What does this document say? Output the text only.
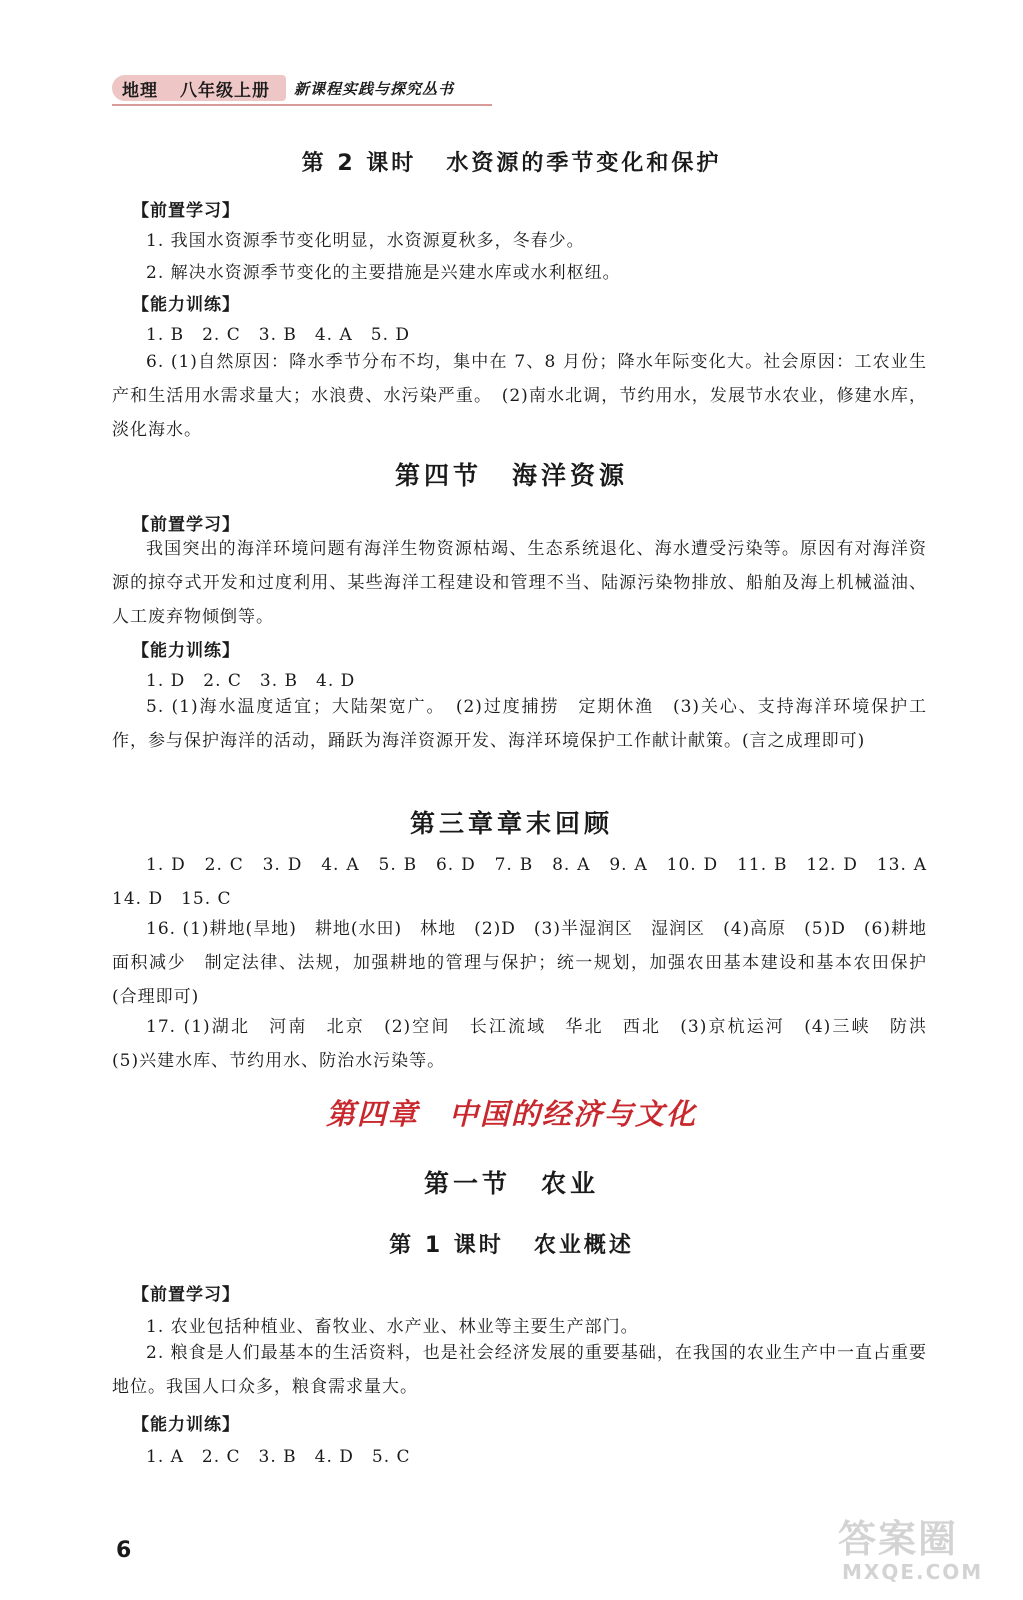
地理 八年级上册 新课程实践与探究丛书
第 2 课时 水资源的季节变化和保护
【前置学习】
1. 我国水资源季节变化明显，水资源夏秋多，冬春少。
2. 解决水资源季节变化的主要措施是兴建水库或水利枢纽。
【能力训练】
1. B　2. C　3. B　4. A　5. D
6. (1)自然原因：降水季节分布不均，集中在 7、8 月份；降水年际变化大。社会原因：工农业生产和生活用水需求量大；水浪费、水污染严重。　(2)南水北调，节约用水，发展节水农业，修建水库，淡化海水。
第四节 海洋资源
【前置学习】
我国突出的海洋环境问题有海洋生物资源枯竭、生态系统退化、海水遭受污染等。原因有对海洋资源的掠夺式开发和过度利用、某些海洋工程建设和管理不当、陆源污染物排放、船舶及海上机械溢油、人工废弃物倾倒等。
【能力训练】
1. D　2. C　3. B　4. D
5. (1)海水温度适宜；大陆架宽广。　(2)过度捕捞　定期休渔　(3)关心、支持海洋环境保护工作，参与保护海洋的活动，踊跃为海洋资源开发、海洋环境保护工作献计献策。(言之成理即可)
第三章章末回顾
1. D　2. C　3. D　4. A　5. B　6. D　7. B　8. A　9. A　10. D　11. B　12. D　13. A　14. D　15. C
16. (1)耕地(旱地)　耕地(水田)　林地　(2)D　(3)半湿润区　湿润区　(4)高原　(5)D　(6)耕地面积减少　制定法律、法规，加强耕地的管理与保护；统一规划，加强农田基本建设和基本农田保护(合理即可)
17. (1)湖北　河南　北京　(2)空间　长江流域　华北　西北　(3)京杭运河　(4)三峡　防洪　(5)兴建水库、节约用水、防治水污染等。
第四章 中国的经济与文化
第一节 农业
第 1 课时 农业概述
【前置学习】
1. 农业包括种植业、畜牧业、水产业、林业等主要生产部门。
2. 粮食是人们最基本的生活资料，也是社会经济发展的重要基础，在我国的农业生产中一直占重要地位。我国人口众多，粮食需求量大。
【能力训练】
1. A　2. C　3. B　4. D　5. C
6	答案圈
MXQE.COM
